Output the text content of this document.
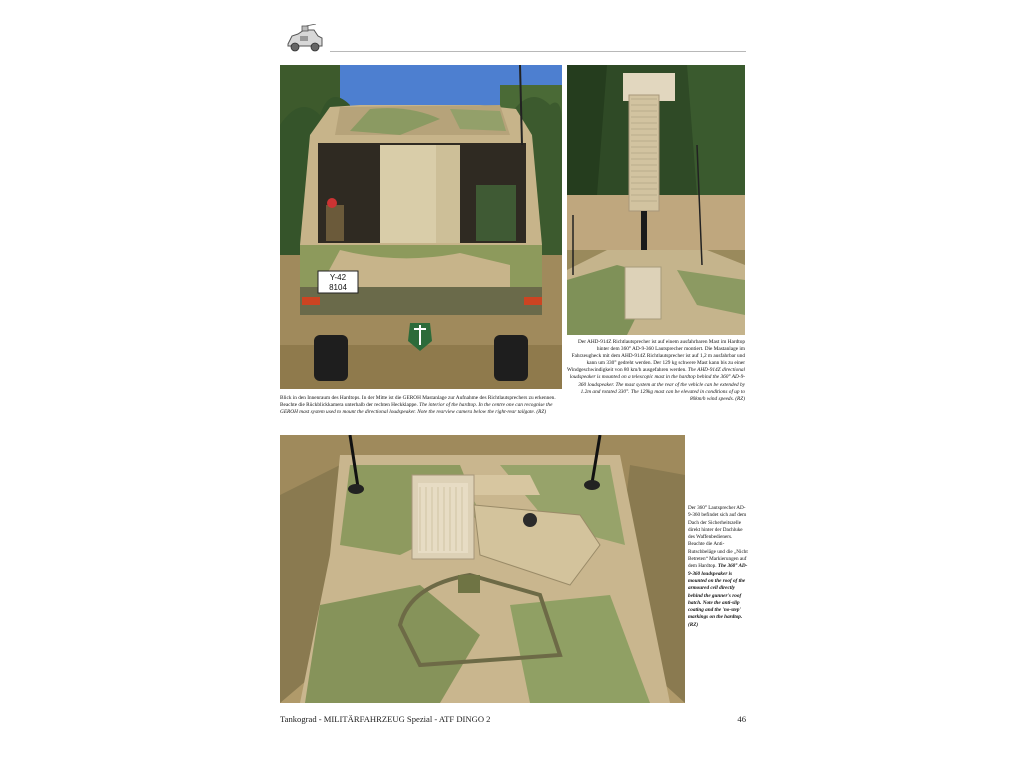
Y-42
8104
Blick in den Innenraum des Hardtops. In der Mitte ist die GEROH Mastanlage zur Aufnahme des Richtlautsprechers zu erkennen. Beachte die Rückblickkamera unterhalb der rechten Heckklappe. The interior of the hardtop. In the centre one can recognise the GEROH mast system used to mount the directional loudspeaker. Note the rearview camera below the right-rear tailgate. (RZ)
Der AHD-914Z Richtlautsprecher ist auf einem ausfahrbaren Mast im Hardtop hinter dem 360° AD-9-360 Lautsprecher montiert. Die Mastanlage im Fahrzeugheck mit dem AHD-914Z Richtlautsprecher ist auf 1,2 m ausfahrbar und kann um 330° gedreht werden. Der 129 kg schwere Mast kann bis zu einer Windgeschwindigkeit von 80 km/h ausgefahren werden. The AHD-914Z directional loudspeaker is mounted on a telescopic mast in the hardtop behind the 360° AD-9-360 loudspeaker. The mast system at the rear of the vehicle can be extended by 1.2m and rotated 330°. The 129kg mast can be elevated in conditions of up to 80km/h wind speeds. (RZ)
Der 360° Lautsprecher AD-9-360 befindet sich auf dem Dach der Sicherheitszelle direkt hinter der Dachluke des Waffenbedieners. Beachte die Anti-Rutschbeläge und die „Nicht Betreten“ Markierungen auf dem Hardtop. The 360° AD-9-360 loudspeaker is mounted on the roof of the armoured cell directly behind the gunner's roof hatch. Note the anti-slip coating and the 'no-step' markings on the hardtop. (RZ)
Tankograd - MILITÄRFAHRZEUG Spezial - ATF DINGO 2	46
